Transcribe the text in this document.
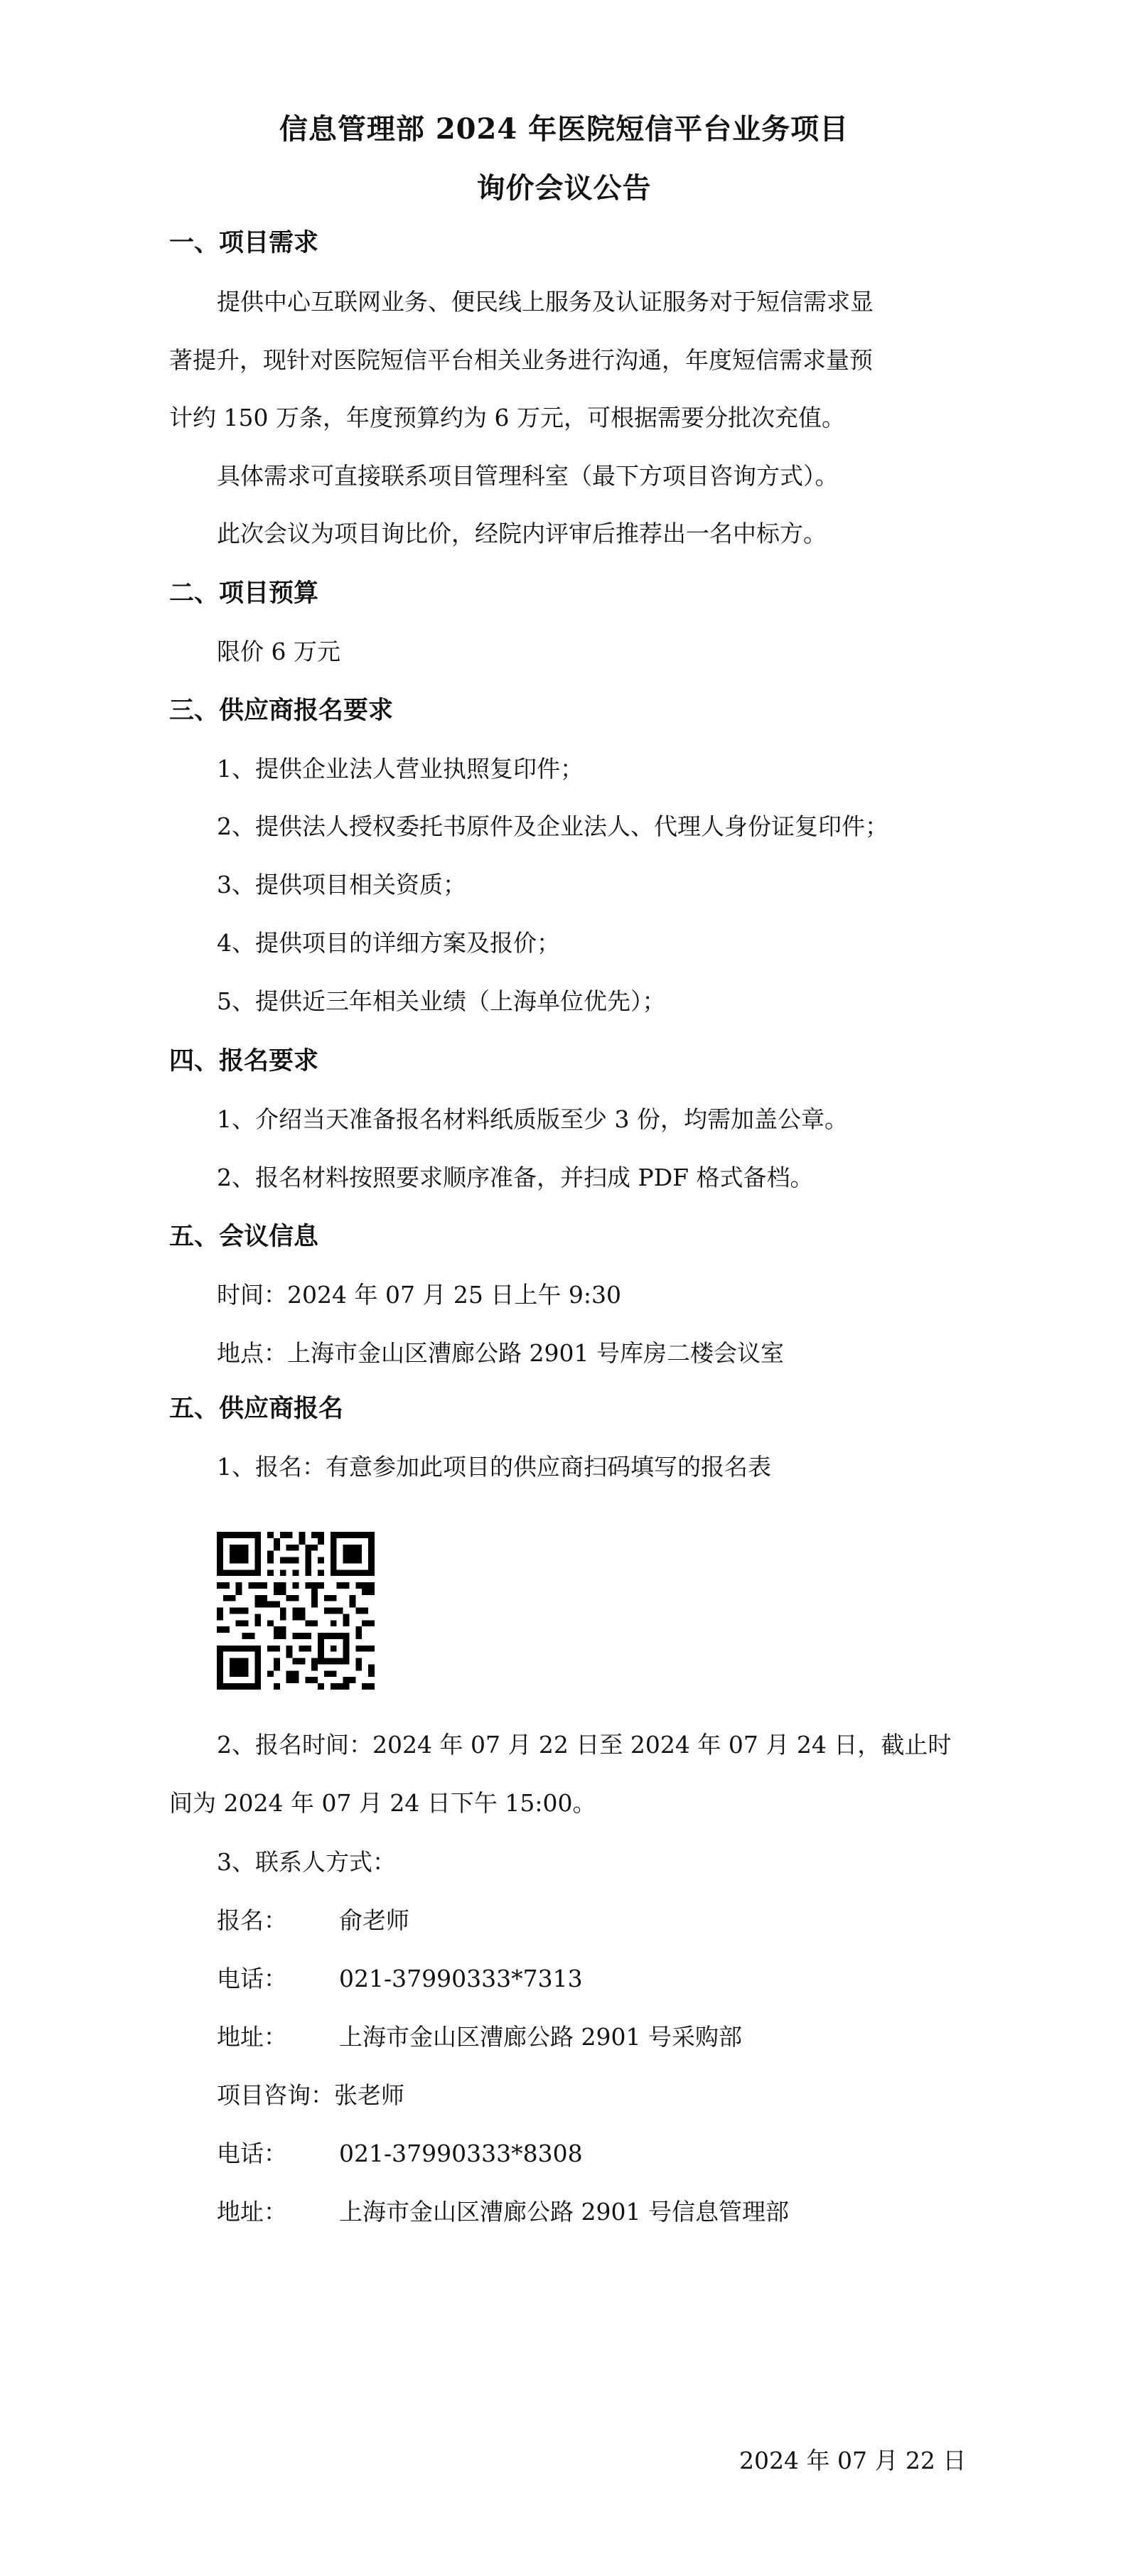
信息管理部 2024 年医院短信平台业务项目
询价会议公告
一、项目需求
提供中心互联网业务、便民线上服务及认证服务对于短信需求显
著提升，现针对医院短信平台相关业务进行沟通，年度短信需求量预
计约 150 万条，年度预算约为 6 万元，可根据需要分批次充值。
具体需求可直接联系项目管理科室（最下方项目咨询方式）。
此次会议为项目询比价，经院内评审后推荐出一名中标方。
二、项目预算
限价 6 万元
三、供应商报名要求
1、提供企业法人营业执照复印件；
2、提供法人授权委托书原件及企业法人、代理人身份证复印件；
3、提供项目相关资质；
4、提供项目的详细方案及报价；
5、提供近三年相关业绩（上海单位优先）；
四、报名要求
1、介绍当天准备报名材料纸质版至少 3 份，均需加盖公章。
2、报名材料按照要求顺序准备，并扫成 PDF 格式备档。
五、会议信息
时间：2024 年 07 月 25 日上午 9:30
地点：上海市金山区漕廊公路 2901 号库房二楼会议室
五、供应商报名
1、报名：有意参加此项目的供应商扫码填写的报名表
2、报名时间：2024 年 07 月 22 日至 2024 年 07 月 24 日，截止时
间为 2024 年 07 月 24 日下午 15:00。
3、联系人方式：
报名： 俞老师
电话： 021-37990333*7313
地址： 上海市金山区漕廊公路 2901 号采购部
项目咨询：张老师
电话： 021-37990333*8308
地址： 上海市金山区漕廊公路 2901 号信息管理部
2024 年 07 月 22 日
